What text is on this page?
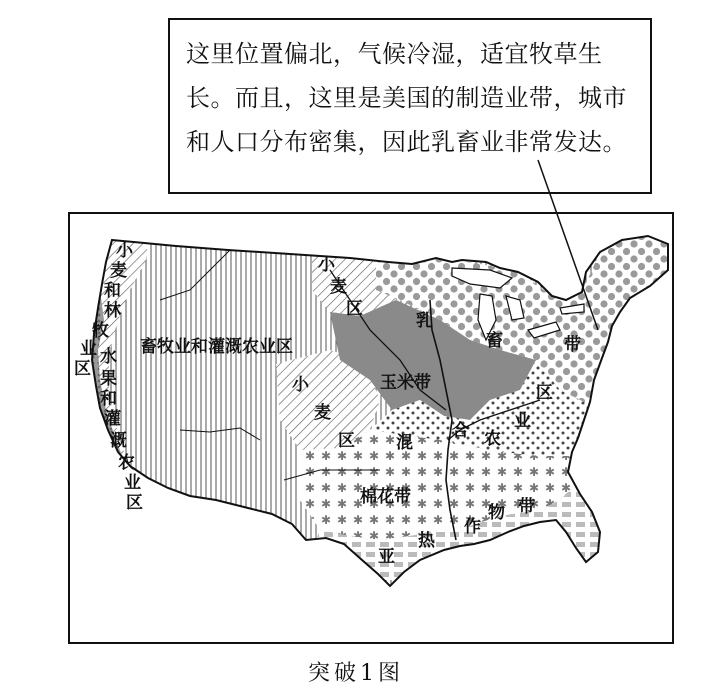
这里位置偏北，气候冷湿，适宜牧草生
长。而且，这里是美国的制造业带，城市
和人口分布密集，因此乳畜业非常发达。
畜牧业和灌溉农业区
小
麦
区
小
麦
区
玉米带
乳
畜	带
区
业
农
合
混
棉花带
作
物 带
热
亚
小
麦
和
林
牧
业
区
水
果
和
灌
溉
农
业
区
突破1图
